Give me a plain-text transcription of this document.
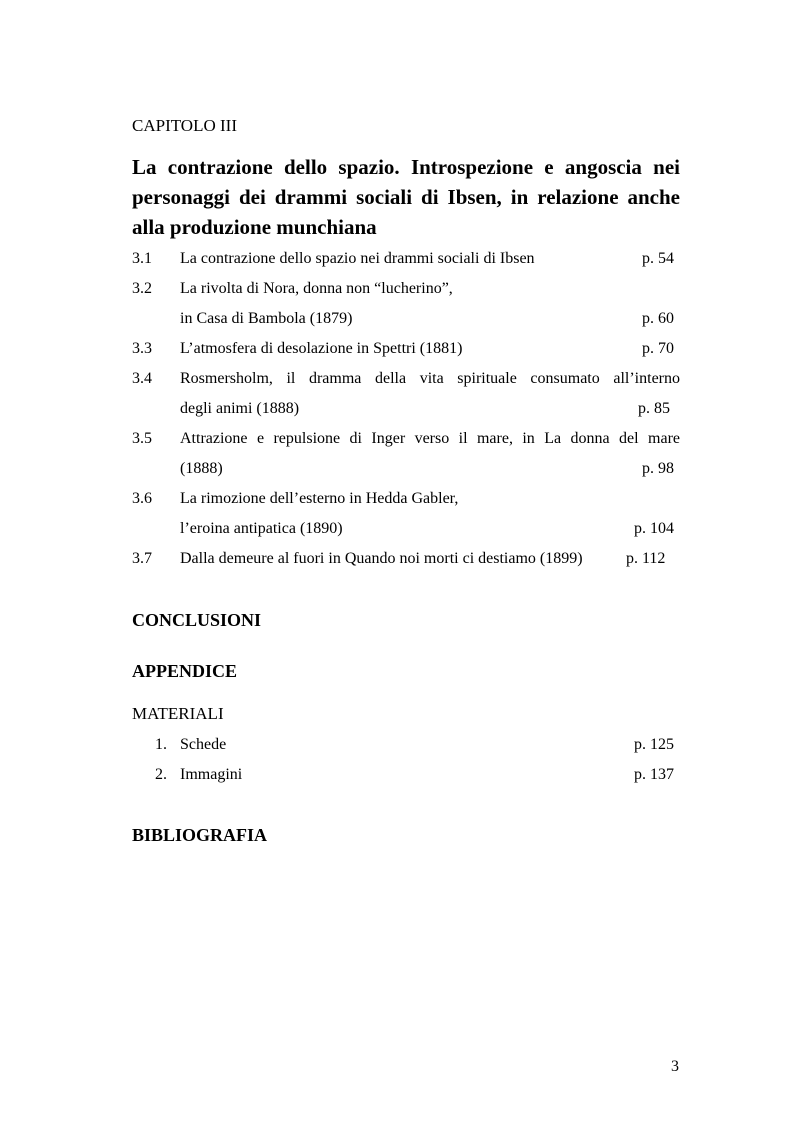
CAPITOLO III
La contrazione dello spazio. Introspezione e angoscia nei personaggi dei drammi sociali di Ibsen, in relazione anche alla produzione munchiana
3.1 La contrazione dello spazio nei drammi sociali di Ibsen	p. 54
3.2 La rivolta di Nora, donna non “lucherino”,
in Casa di Bambola (1879)	p. 60
3.3 L’atmosfera di desolazione in Spettri (1881)	p. 70
3.4 Rosmersholm, il dramma della vita spirituale consumato all’interno
degli animi (1888)	p. 85
3.5 Attrazione e repulsione di Inger verso il mare, in La donna del mare
(1888)	p. 98
3.6 La rimozione dell’esterno in Hedda Gabler,
l’eroina antipatica (1890)	p. 104
3.7 Dalla demeure al fuori in Quando noi morti ci destiamo (1899)	p. 112
CONCLUSIONI
APPENDICE
MATERIALI
1. Schede	p. 125
2. Immagini	p. 137
BIBLIOGRAFIA
3
